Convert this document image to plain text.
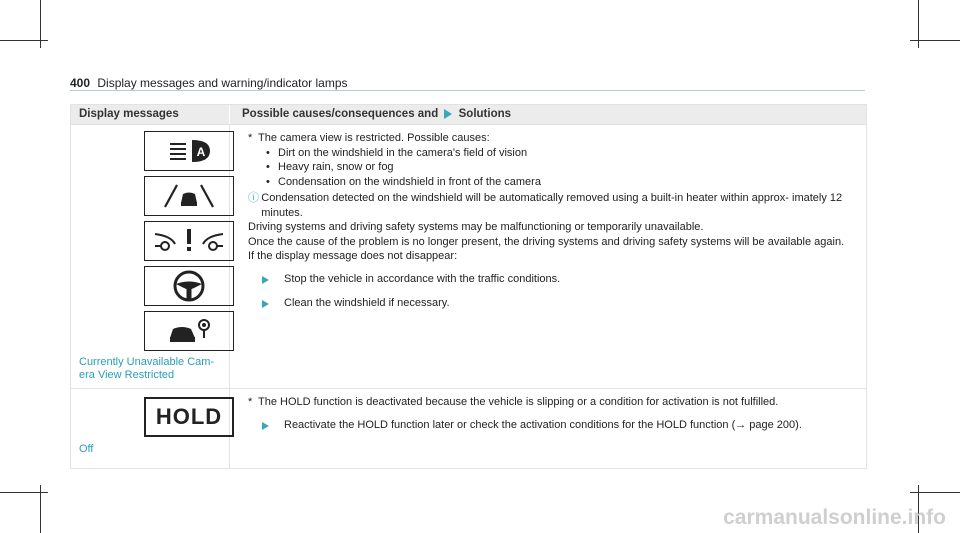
400 Display messages and warning/indicator lamps
Display messages	Possible causes/consequences and Solutions
A
Currently Unavailable Cam- era View Restricted

* The camera view is restricted. Possible causes:

• Dirt on the windshield in the camera's field of vision
• Heavy rain, snow or fog
• Condensation on the windshield in front of the camera
ⓘ Condensation detected on the windshield will be automatically removed using a built-in heater within approx- imately 12 minutes.

Driving systems and driving safety systems may be malfunctioning or temporarily unavailable.

Once the cause of the problem is no longer present, the driving systems and driving safety systems will be available again.

If the display message does not disappear:

Stop the vehicle in accordance with the traffic conditions.
Clean the windshield if necessary.
HOLD
Off

* The HOLD function is deactivated because the vehicle is slipping or a condition for activation is not fulfilled.

Reactivate the HOLD function later or check the activation conditions for the HOLD function (→ page 200).
carmanualsonline.info
